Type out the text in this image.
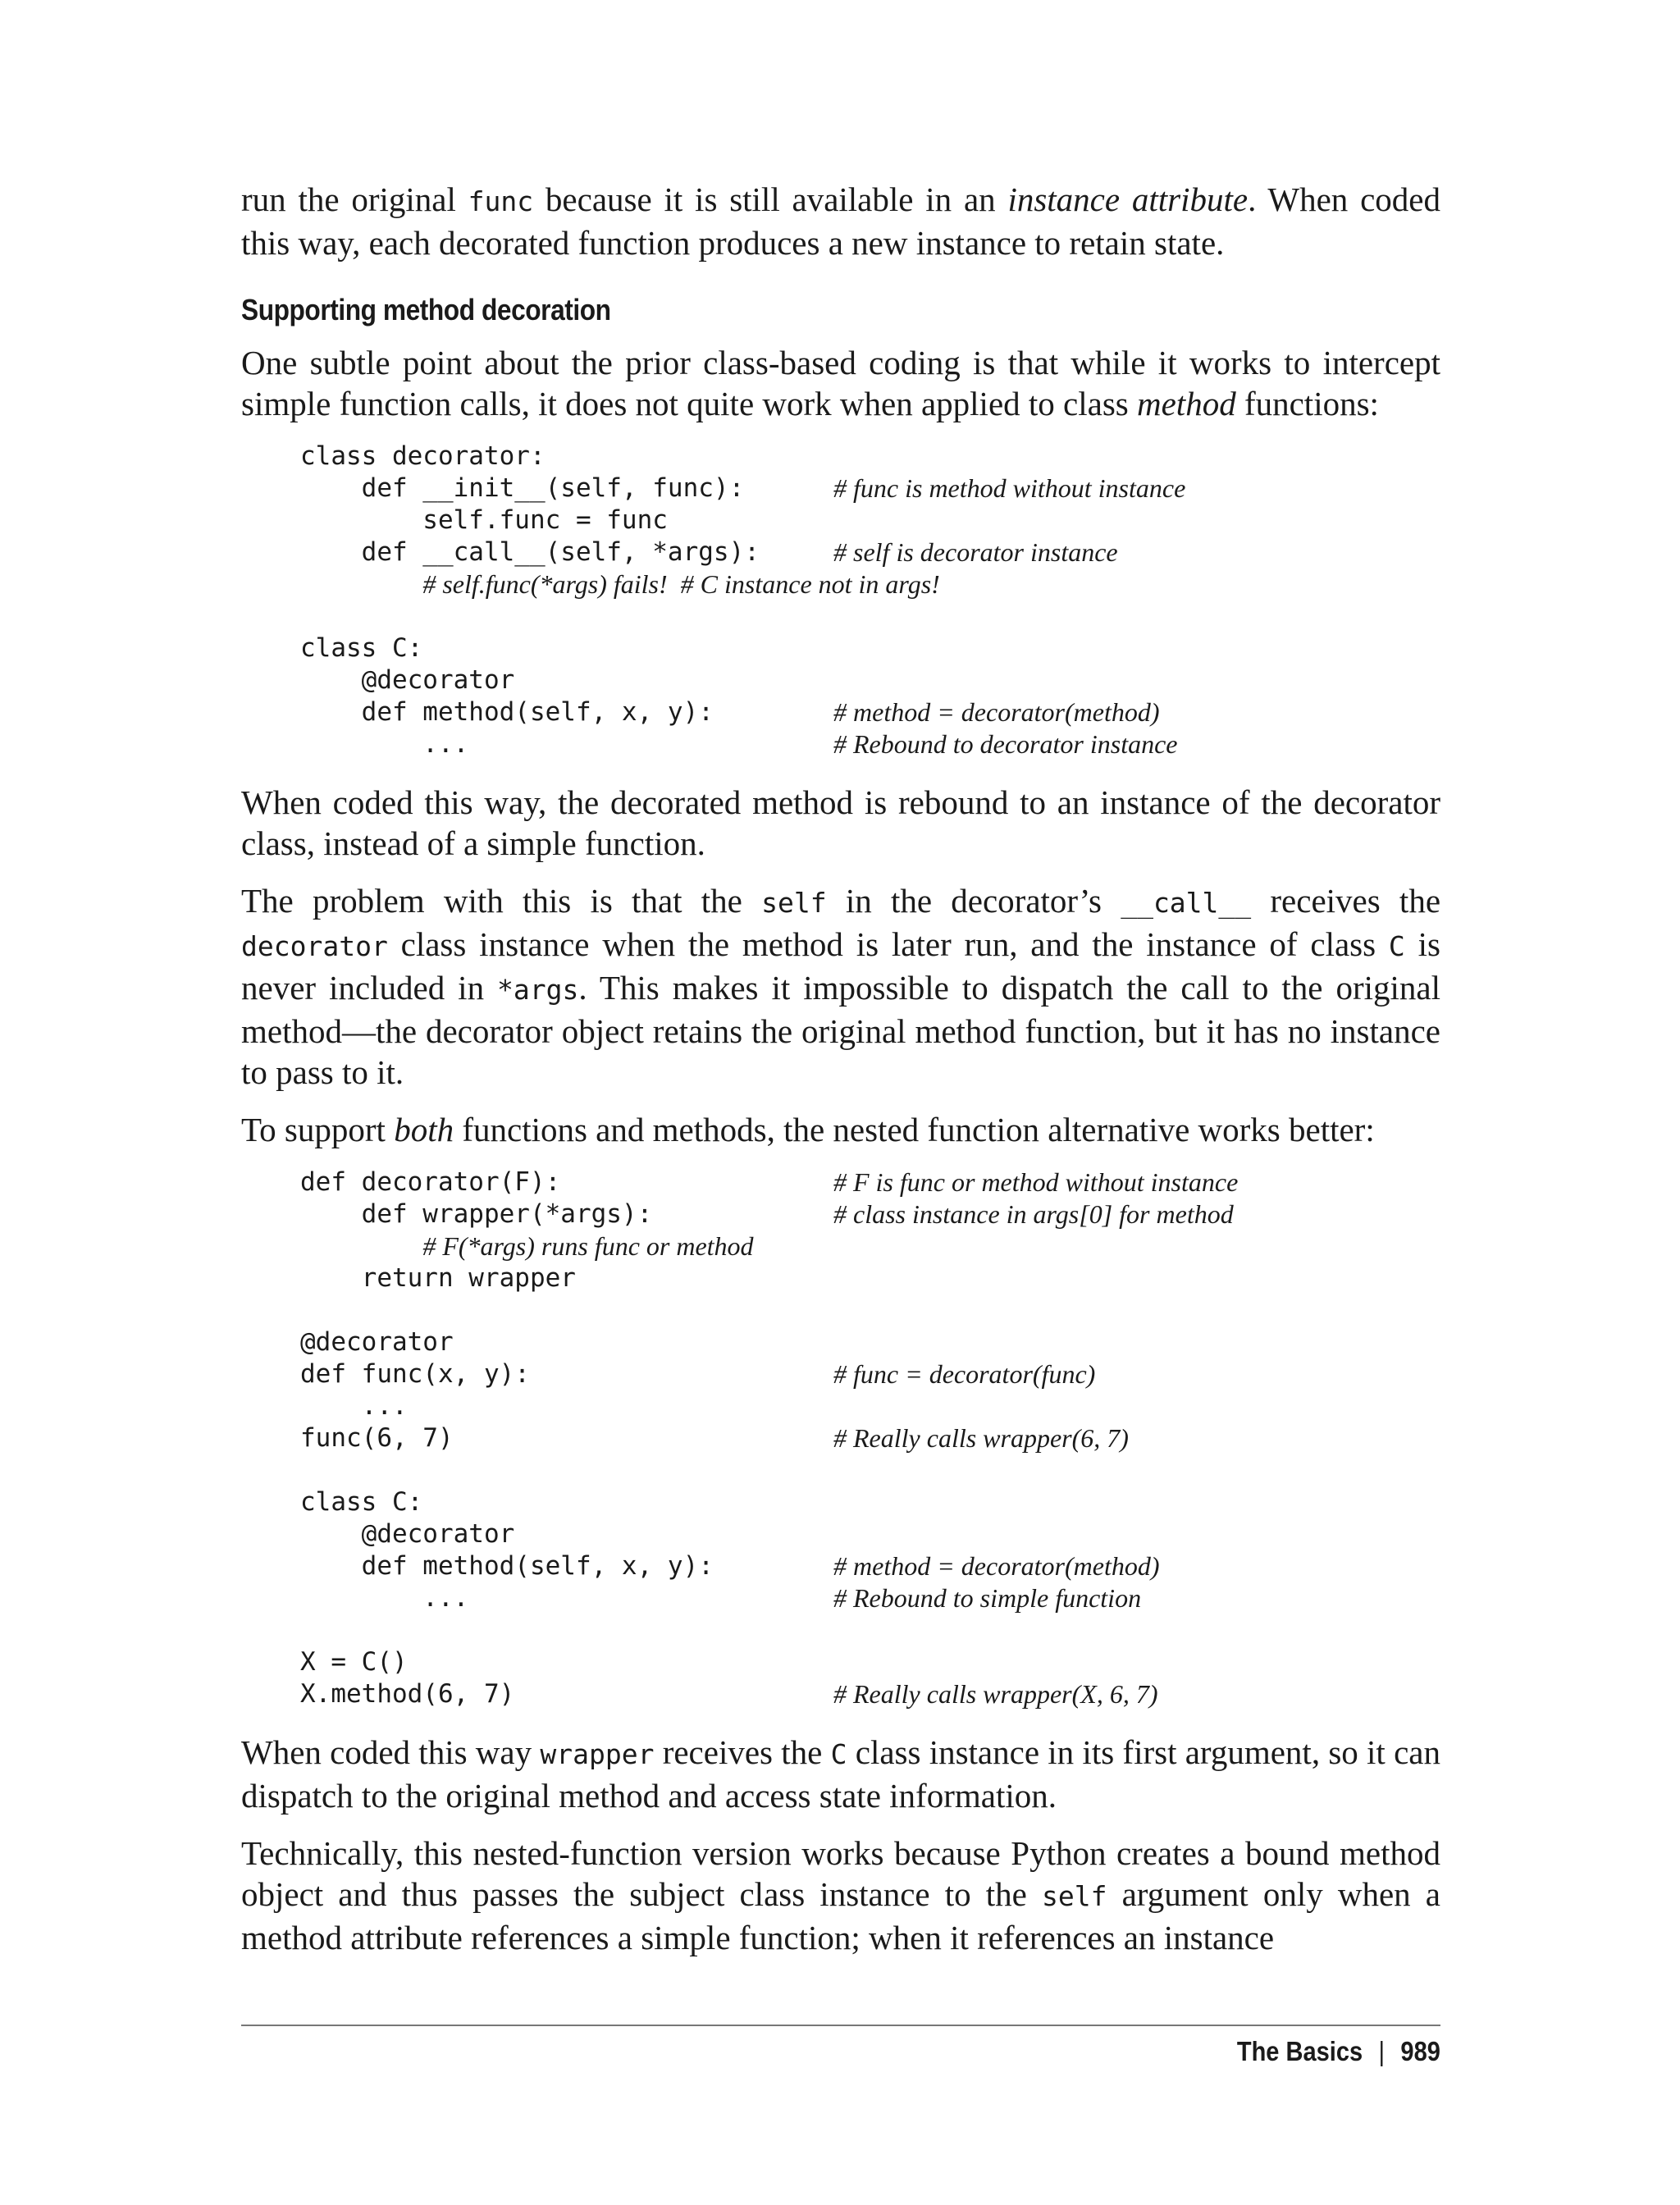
run the original func because it is still available in an instance attribute. When coded this way, each decorated function produces a new instance to retain state.

Supporting method decoration

One subtle point about the prior class-based coding is that while it works to intercept simple function calls, it does not quite work when applied to class method functions:

class decorator:
def __init__(self, func):	# func is method without instance
self.func = func
def __call__(self, *args):	# self is decorator instance
# self.func(*args) fails!  # C instance not in args!
class C:
@decorator
def method(self, x, y):	# method = decorator(method)
...	# Rebound to decorator instance

When coded this way, the decorated method is rebound to an instance of the decorator class, instead of a simple function.

The problem with this is that the self in the decorator’s __call__ receives the decorator class instance when the method is later run, and the instance of class C is never included in *args. This makes it impossible to dispatch the call to the original method—the decorator object retains the original method function, but it has no instance to pass to it.

To support both functions and methods, the nested function alternative works better:

def decorator(F):	# F is func or method without instance
def wrapper(*args):	# class instance in args[0] for method
# F(*args) runs func or method
return wrapper
@decorator
def func(x, y):	# func = decorator(func)
...
func(6, 7)	# Really calls wrapper(6, 7)
class C:
@decorator
def method(self, x, y):	# method = decorator(method)
...	# Rebound to simple function
X = C()
X.method(6, 7)	# Really calls wrapper(X, 6, 7)

When coded this way wrapper receives the C class instance in its first argument, so it can dispatch to the original method and access state information.

Technically, this nested-function version works because Python creates a bound method object and thus passes the subject class instance to the self argument only when a method attribute references a simple function; when it references an instance

The Basics | 989
